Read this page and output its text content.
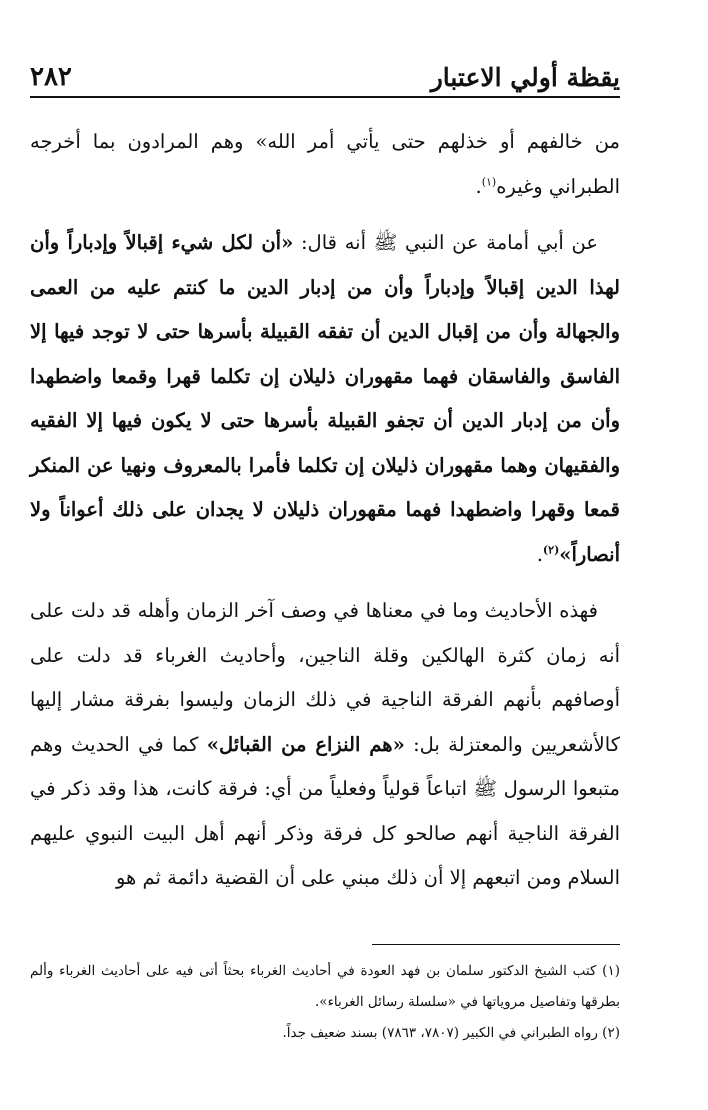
يقظة أولي الاعتبار
٢٨٢

من خالفهم أو خذلهم حتى يأتي أمر الله» وهم المرادون بما أخرجه الطبراني وغيره$^{(١)}$.

عن أبي أمامة عن النبي ﷺ أنه قال: «أن لكل شيء إقبالاً وإدباراً وأن لهذا الدين إقبالاً وإدباراً وأن من إدبار الدين ما كنتم عليه من العمى والجهالة وأن من إقبال الدين أن تفقه القبيلة بأسرها حتى لا توجد فيها إلا الفاسق والفاسقان فهما مقهوران ذليلان إن تكلما قهرا وقمعا واضطهدا وأن من إدبار الدين أن تجفو القبيلة بأسرها حتى لا يكون فيها إلا الفقيه والفقيهان وهما مقهوران ذليلان إن تكلما فأمرا بالمعروف ونهيا عن المنكر قمعا وقهرا واضطهدا فهما مقهوران ذليلان لا يجدان على ذلك أعواناً ولا أنصاراً»$^{(٢)}$.

فهذه الأحاديث وما في معناها في وصف آخر الزمان وأهله قد دلت على أنه زمان كثرة الهالكين وقلة الناجين، وأحاديث الغرباء قد دلت على أوصافهم بأنهم الفرقة الناجية في ذلك الزمان وليسوا بفرقة مشار إليها كالأشعريين والمعتزلة بل: «هم النزاع من القبائل» كما في الحديث وهم متبعوا الرسول ﷺ اتباعاً قولياً وفعلياً من أي: فرقة كانت، هذا وقد ذكر في الفرقة الناجية أنهم صالحو كل فرقة وذكر أنهم أهل البيت النبوي عليهم السلام ومن اتبعهم إلا أن ذلك مبني على أن القضية دائمة ثم هو

(١) كتب الشيخ الدكتور سلمان بن فهد العودة في أحاديث الغرباء بحثاً أتى فيه على أحاديث الغرباء وألم بطرقها وتفاصيل مروياتها في «سلسلة رسائل الغرباء».

(٢) رواه الطبراني في الكبير (٧٨٠٧، ٧٨٦٣) بسند ضعيف جداً.
